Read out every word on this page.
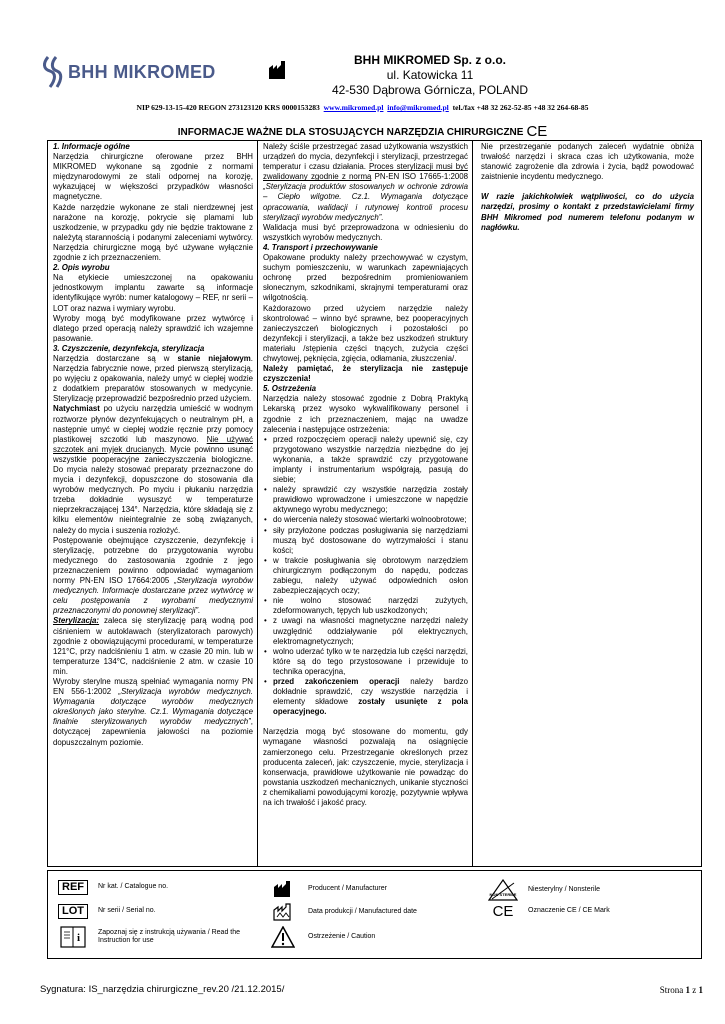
BHH MIKROMED
BHH MIKROMED Sp. z o.o.
ul. Katowicka 11
42-530 Dąbrowa Górnicza, POLAND
NIP 629-13-15-420 REGON 273123120 KRS 0000153283 www.mikromed.pl info@mikromed.pl tel./fax +48 32 262-52-85 +48 32 264-68-85
INFORMACJE WAŻNE DLA STOSUJĄCYCH NARZĘDZIA CHIRURGICZNE CE

1. Informacje ogólne

Narzędzia chirurgiczne oferowane przez BHH MIKROMED wykonane są zgodnie z normami międzynarodowymi ze stali odpornej na korozję, wykazującej w większości przypadków własności magnetyczne.

Każde narzędzie wykonane ze stali nierdzewnej jest narażone na korozję, pokrycie się plamami lub uszkodzenie, w przypadku gdy nie będzie traktowane z należytą starannością i podanymi zaleceniami wytwórcy. Narzędzia chirurgiczne mogą być używane wyłącznie zgodnie z ich przeznaczeniem.

2. Opis wyrobu

Na etykiecie umieszczonej na opakowaniu jednostkowym implantu zawarte są informacje identyfikujące wyrób: numer katalogowy – REF, nr serii – LOT oraz nazwa i wymiary wyrobu.

Wyroby mogą być modyfikowane przez wytwórcę i dlatego przed operacją należy sprawdzić ich wzajemne pasowanie.

3. Czyszczenie, dezynfekcja, sterylizacja

Narzędzia dostarczane są w stanie niejałowym. Narzędzia fabrycznie nowe, przed pierwszą sterylizacją, po wyjęciu z opakowania, należy umyć w ciepłej wodzie z dodatkiem preparatów stosowanych w medycynie. Sterylizację przeprowadzić bezpośrednio przed użyciem.

Natychmiast po użyciu narzędzia umieścić w wodnym roztworze płynów dezynfekujących o neutralnym pH, a następnie umyć w ciepłej wodzie ręcznie przy pomocy plastikowej szczotki lub maszynowo. Nie używać szczotek ani myjek drucianych. Mycie powinno usunąć wszystkie pooperacyjne zanieczyszczenia biologiczne. Do mycia należy stosować preparaty przeznaczone do mycia i dezynfekcji, dopuszczone do stosowania dla wyrobów medycznych. Po myciu i płukaniu narzędzia trzeba dokładnie wysuszyć w temperaturze nieprzekraczającej 134°. Narzędzia, które składają się z kilku elementów nieintegralnie ze sobą związanych, należy do mycia i suszenia rozłożyć.

Postępowanie obejmujące czyszczenie, dezynfekcję i sterylizację, potrzebne do przygotowania wyrobu medycznego do zastosowania zgodnie z jego przeznaczeniem powinno odpowiadać wymaganiom normy PN-EN ISO 17664:2005 „Sterylizacja wyrobów medycznych. Informacje dostarczane przez wytwórcę w celu postępowania z wyrobami medycznymi przeznaczonymi do ponownej sterylizacji”.

Sterylizacja: zaleca się sterylizację parą wodną pod ciśnieniem w autoklawach (sterylizatorach parowych) zgodnie z obowiązującymi procedurami, w temperaturze 121°C, przy nadciśnieniu 1 atm. w czasie 20 min. lub w temperaturze 134°C, nadciśnienie 2 atm. w czasie 10 min.

Wyroby sterylne muszą spełniać wymagania normy PN EN 556-1:2002 „Sterylizacja wyrobów medycznych. Wymagania dotyczące wyrobów medycznych określonych jako sterylne. Cz.1. Wymagania dotyczące finalnie sterylizowanych wyrobów medycznych”, dotyczącej zapewnienia jałowości na poziomie dopuszczalnym poziomie.

Należy ściśle przestrzegać zasad użytkowania wszystkich urządzeń do mycia, dezynfekcji i sterylizacji, przestrzegać temperatur i czasu działania. Proces sterylizacji musi być zwalidowany zgodnie z normą PN-EN ISO 17665-1:2008 „Sterylizacja produktów stosowanych w ochronie zdrowia – Ciepło wilgotne. Cz.1. Wymagania dotyczące opracowania, walidacji i rutynowej kontroli procesu sterylizacji wyrobów medycznych”.

Walidacja musi być przeprowadzona w odniesieniu do wszystkich wyrobów medycznych.

4. Transport i przechowywanie

Opakowane produkty należy przechowywać w czystym, suchym pomieszczeniu, w warunkach zapewniających ochronę przed bezpośrednim promieniowaniem słonecznym, szkodnikami, skrajnymi temperaturami oraz wilgotnością.

Każdorazowo przed użyciem narzędzie należy skontrolować – winno być sprawne, bez pooperacyjnych zanieczyszczeń biologicznych i pozostałości po dezynfekcji i sterylizacji, a także bez uszkodzeń struktury materiału /stępienia części tnących, zużycia części chwytowej, pęknięcia, zgięcia, odłamania, złuszczenia/.

Należy pamiętać, że sterylizacja nie zastępuje czyszczenia!

5. Ostrzeżenia

Narzędzia należy stosować zgodnie z Dobrą Praktyką Lekarską przez wysoko wykwalifikowany personel i zgodnie z ich przeznaczeniem, mając na uwadze zalecenia i następujące ostrzeżenia:

• przed rozpoczęciem operacji należy upewnić się, czy przygotowano wszystkie narzędzia niezbędne do jej wykonania, a także sprawdzić czy przygotowane implanty i instrumentarium współgrają, pasują do siebie;
• należy sprawdzić czy wszystkie narzędzia zostały prawidłowo wprowadzone i umieszczone w napędzie aktywnego wyrobu medycznego;
• do wiercenia należy stosować wiertarki wolnoobrotowe;
• siły przyłożone podczas posługiwania się narzędziami muszą być dostosowane do wytrzymałości i stanu kości;
• w trakcie posługiwania się obrotowym narzędziem chirurgicznym podłączonym do napędu, podczas zabiegu, należy używać odpowiednich osłon zabezpieczających oczy;
• nie wolno stosować narzędzi zużytych, zdeformowanych, tępych lub uszkodzonych;
• z uwagi na własności magnetyczne narzędzi należy uwzględnić oddziaływanie pól elektrycznych, elektromagnetycznych;
• wolno uderzać tylko w te narzędzia lub części narzędzi, które są do tego przystosowane i przewiduje to technika operacyjna,
• przed zakończeniem operacji należy bardzo dokładnie sprawdzić, czy wszystkie narzędzia i elementy składowe zostały usunięte z pola operacyjnego.

Narzędzia mogą być stosowane do momentu, gdy wymagane własności pozwalają na osiągnięcie zamierzonego celu. Przestrzeganie określonych przez producenta zaleceń, jak: czyszczenie, mycie, sterylizacja i konserwacja, prawidłowe użytkowanie nie powadząc do powstania uszkodzeń mechanicznych, unikanie styczności z chemikaliami powodującymi korozję, pozytywnie wpływa na ich trwałość i jakość pracy.

Nie przestrzeganie podanych zaleceń wydatnie obniża trwałość narzędzi i skraca czas ich użytkowania, może stanowić zagrożenie dla zdrowia i życia, bądź powodować zaistnienie incydentu medycznego.

W razie jakichkolwiek wątpliwości, co do użycia narzędzi, prosimy o kontakt z przedstawicielami firmy BHH Mikromed pod numerem telefonu podanym w nagłówku.

REF	Nr kat. / Catalogue no.
LOT	Nr serii / Serial no.
i	Zapoznaj się z instrukcją używania / Read the Instruction for use
Producent / Manufacturer
Data produkcji / Manufactured date
Ostrzeżenie / Caution
NON STERILE
Niesterylny / Nonsterile
CE Oznaczenie CE / CE Mark
Sygnatura: IS_narzędzia chirurgiczne_rev.20 /21.12.2015/	Strona 1 z 1
